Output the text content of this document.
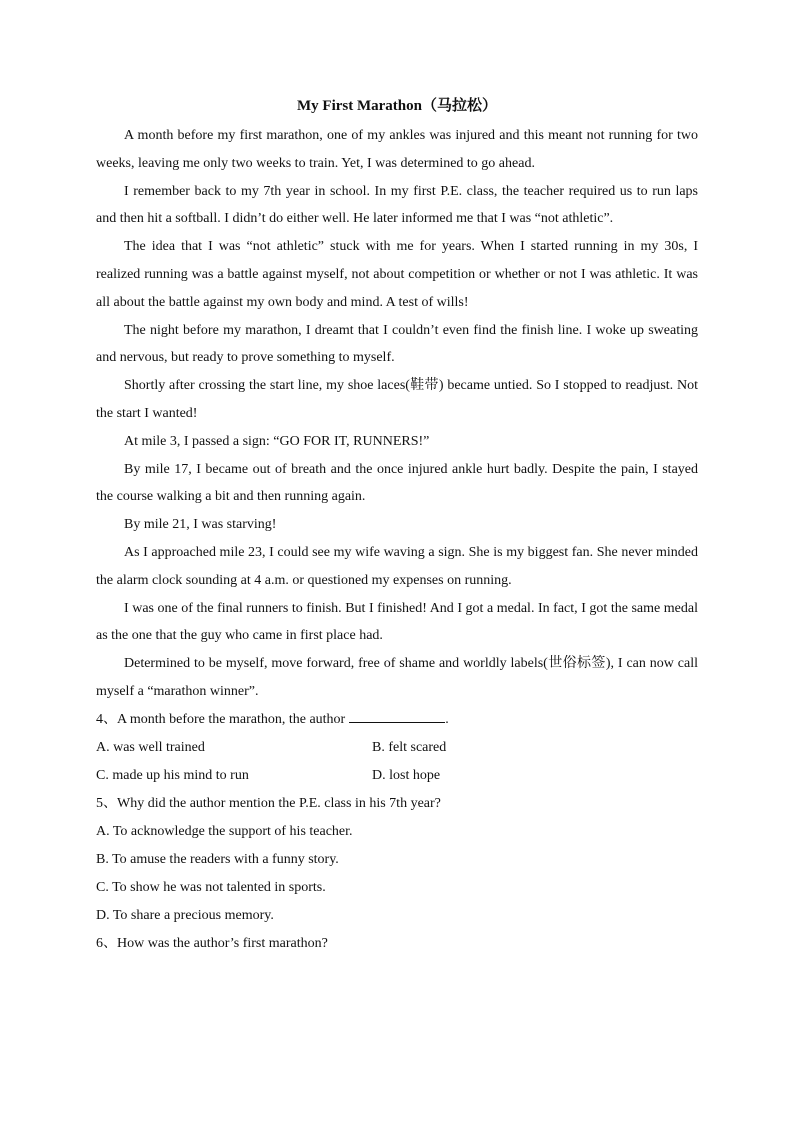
My First Marathon（马拉松）

A month before my first marathon, one of my ankles was injured and this meant not running for two weeks, leaving me only two weeks to train. Yet, I was determined to go ahead.

I remember back to my 7th year in school. In my first P.E. class, the teacher required us to run laps and then hit a softball. I didn’t do either well. He later informed me that I was “not athletic”.

The idea that I was “not athletic” stuck with me for years. When I started running in my 30s, I realized running was a battle against myself, not about competition or whether or not I was athletic. It was all about the battle against my own body and mind. A test of wills!

The night before my marathon, I dreamt that I couldn’t even find the finish line. I woke up sweating and nervous, but ready to prove something to myself.

Shortly after crossing the start line, my shoe laces(鞋带) became untied. So I stopped to readjust. Not the start I wanted!

At mile 3, I passed a sign: “GO FOR IT, RUNNERS!”

By mile 17, I became out of breath and the once injured ankle hurt badly. Despite the pain, I stayed the course walking a bit and then running again.

By mile 21, I was starving!

As I approached mile 23, I could see my wife waving a sign. She is my biggest fan. She never minded the alarm clock sounding at 4 a.m. or questioned my expenses on running.

I was one of the final runners to finish. But I finished! And I got a medal. In fact, I got the same medal as the one that the guy who came in first place had.

Determined to be myself, move forward, free of shame and worldly labels(世俗标签), I can now call myself a “marathon winner”.

4、A month before the marathon, the author	.

A. was well trained	B. felt scared
C. made up his mind to run	D. lost hope

5、Why did the author mention the P.E. class in his 7th year?

A. To acknowledge the support of his teacher.

B. To amuse the readers with a funny story.

C. To show he was not talented in sports.

D. To share a precious memory.

6、How was the author’s first marathon?
